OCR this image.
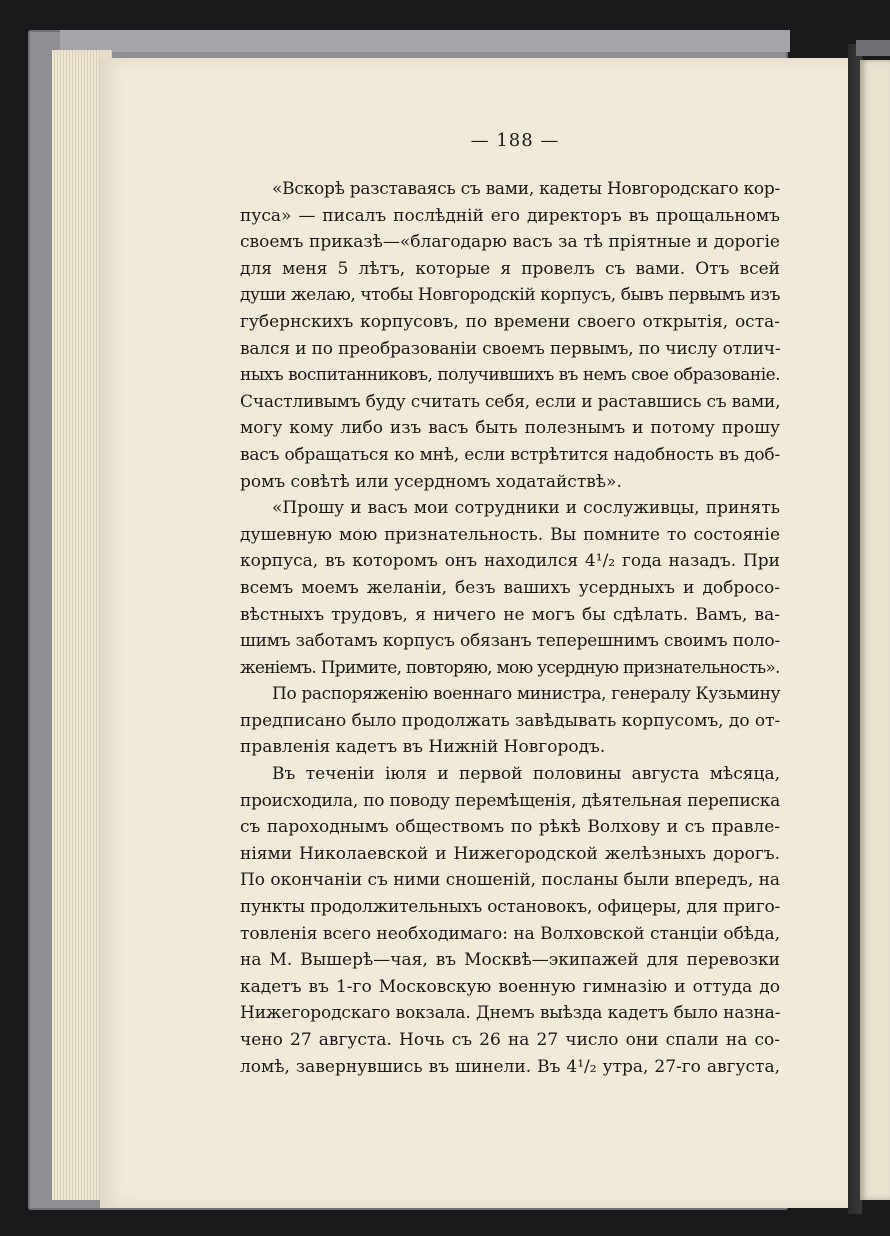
— 188 —
«Вскорѣ разставаясь съ вами, кадеты Новгородскаго кор-
пуса» — писалъ послѣднiй его директоръ въ прощальномъ
своемъ приказѣ—«благодарю васъ за тѣ прiятные и дорогie
для меня 5 лѣтъ, которые я провелъ съ вами. Отъ всей
души желаю, чтобы Новгородскiй корпусъ, бывъ первымъ изъ
губернскихъ корпусовъ, по времени своего открытiя, оста-
вался и по преобразованiи своемъ первымъ, по числу отлич-
ныхъ воспитанниковъ, получившихъ въ немъ свое образованie.
Счастливымъ буду считать себя, если и раставшись съ вами,
могу кому либо изъ васъ быть полезнымъ и потому прошу
васъ обращаться ко мнѣ, если встрѣтится надобность въ доб-
ромъ совѣтѣ или усердномъ ходатайствѣ».
«Прошу и васъ мои сотрудники и сослуживцы, принять
душевную мою признательность. Вы помните то состоянie
корпуса, въ которомъ онъ находился 4¹/₂ года назадъ. При
всемъ моемъ желанiи, безъ вашихъ усердныхъ и добросо-
вѣстныхъ трудовъ, я ничего не могъ бы сдѣлать. Вамъ, ва-
шимъ заботамъ корпусъ обязанъ теперешнимъ своимъ поло-
женiемъ. Примите, повторяю, мою усердную признательность».
По распоряженiю военнаго министра, генералу Кузьмину
предписано было продолжать завѣдывать корпусомъ, до от-
правленiя кадетъ въ Нижнiй Новгородъ.
Въ теченiи iюля и первой половины августа мѣсяца,
происходила, по поводу перемѣщенiя, дѣятельная переписка
съ пароходнымъ обществомъ по рѣкѣ Волхову и съ правле-
нiями Николаевской и Нижегородской желѣзныхъ дорогъ.
По окончанiи съ ними сношенiй, посланы были впередъ, на
пункты продолжительныхъ остановокъ, офицеры, для приго-
товленiя всего необходимаго: на Волховской станцiи обѣда,
на М. Вышерѣ—чая, въ Москвѣ—экипажей для перевозки
кадетъ въ 1-го Московскую военную гимназiю и оттуда до
Нижегородскаго вокзала. Днемъ выѣзда кадетъ было назна-
чено 27 августа. Ночь съ 26 на 27 число они спали на со-
ломѣ, завернувшись въ шинели. Въ 4¹/₂ утра, 27-го августа,
